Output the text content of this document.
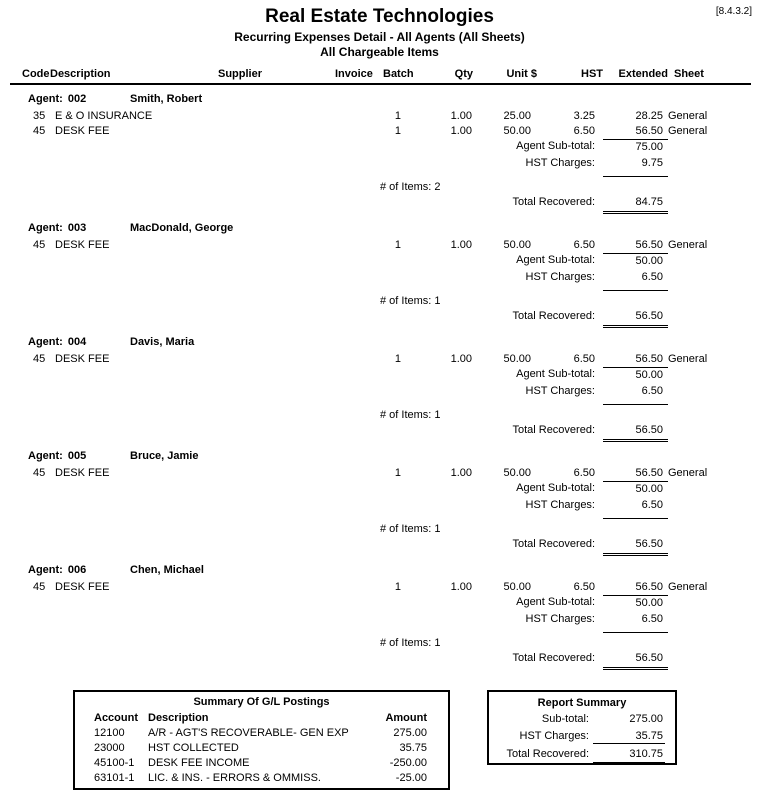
[8.4.3.2]
Real Estate Technologies
Recurring Expenses Detail - All Agents (All Sheets)
All Chargeable Items
Code Description	Supplier	Invoice Batch	Qty	Unit $	HST	Extended Sheet
Agent: 002	Smith, Robert
35 E & O INSURANCE	1	1.00	25.00	3.25	28.25 General
45 DESK FEE	1	1.00	50.00	6.50	56.50 General
Agent Sub-total:	75.00
HST Charges:	9.75
# of Items: 2
Total Recovered:	84.75
Agent: 003	MacDonald, George
45 DESK FEE	1	1.00	50.00	6.50	56.50 General
Agent Sub-total:	50.00
HST Charges:	6.50
# of Items: 1
Total Recovered:	56.50
Agent: 004	Davis, Maria
45 DESK FEE	1	1.00	50.00	6.50	56.50 General
Agent Sub-total:	50.00
HST Charges:	6.50
# of Items: 1
Total Recovered:	56.50
Agent: 005	Bruce, Jamie
45 DESK FEE	1	1.00	50.00	6.50	56.50 General
Agent Sub-total:	50.00
HST Charges:	6.50
# of Items: 1
Total Recovered:	56.50
Agent: 006	Chen, Michael
45 DESK FEE	1	1.00	50.00	6.50	56.50 General
Agent Sub-total:	50.00
HST Charges:	6.50
# of Items: 1
Total Recovered:	56.50
Summary Of G/L Postings
Account Description	Amount
12100	A/R - AGT'S RECOVERABLE- GEN EXP	275.00
23000	HST COLLECTED	35.75
45100-1	DESK FEE INCOME	-250.00
63101-1	LIC. & INS. - ERRORS & OMMISS.	-25.00
Report Summary
Sub-total:	275.00
HST Charges:	35.75
Total Recovered:	310.75
